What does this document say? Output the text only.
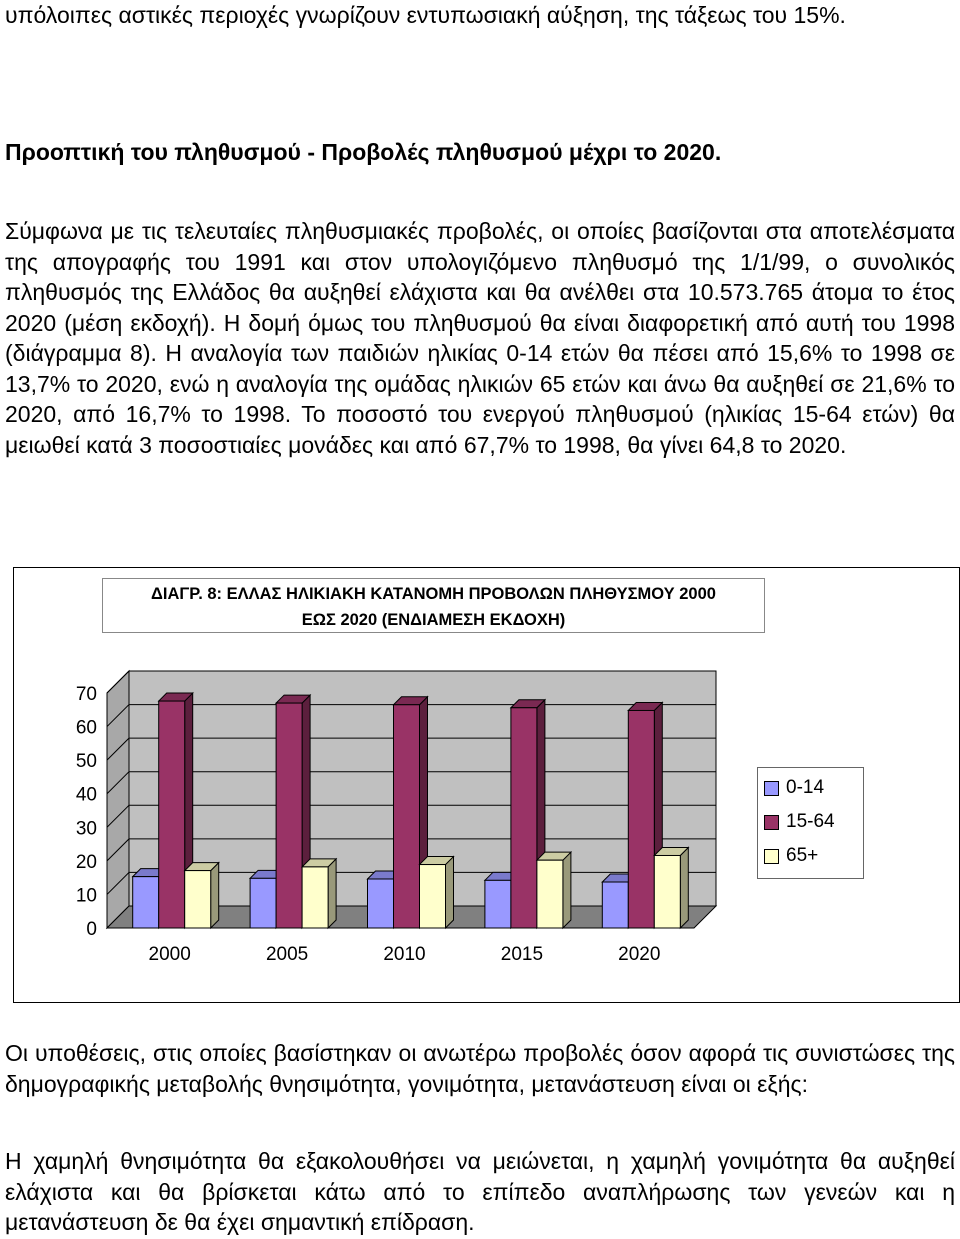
υπόλοιπες αστικές περιοχές γνωρίζουν εντυπωσιακή αύξηση, της τάξεως του 15%.

Προοπτική του πληθυσμού - Προβολές πληθυσμού μέχρι το 2020.

Σύμφωνα με τις τελευταίες πληθυσμιακές προβολές, οι οποίες βασίζονται στα αποτελέσματα της απογραφής του 1991 και στον υπολογιζόμενο πληθυσμό της 1/1/99, ο συνολικός πληθυσμός της Ελλάδος θα αυξηθεί ελάχιστα και θα ανέλθει στα 10.573.765 άτομα το έτος 2020 (μέση εκδοχή). Η δομή όμως του πληθυσμού θα είναι διαφορετική από αυτή του 1998 (διάγραμμα 8). Η αναλογία των παιδιών ηλικίας 0-14 ετών θα πέσει από 15,6% το 1998 σε 13,7% το 2020, ενώ η αναλογία της ομάδας ηλικιών 65 ετών και άνω θα αυξηθεί σε 21,6% το 2020, από 16,7% το 1998. Το ποσοστό του ενεργού πληθυσμού (ηλικίας 15-64 ετών) θα μειωθεί κατά 3 ποσοστιαίες μονάδες και από 67,7% το 1998, θα γίνει 64,8 το 2020.

ΔΙΑΓΡ. 8: ΕΛΛΑΣ ΗΛΙΚΙΑΚΗ ΚΑΤΑΝΟΜΗ ΠΡΟΒΟΛΩΝ ΠΛΗΘΥΣΜΟΥ 2000
ΕΩΣ 2020 (ΕΝΔΙΑΜΕΣΗ ΕΚΔΟΧΗ)
0
10
20
30
40
50
60
70
2000	2005	2010	2015	2020
0-14
15-64
65+

Οι υποθέσεις, στις οποίες βασίστηκαν οι ανωτέρω προβολές όσον αφορά τις συνιστώσες της δημογραφικής μεταβολής θνησιμότητα, γονιμότητα, μετανάστευση είναι οι εξής:

Η χαμηλή θνησιμότητα θα εξακολουθήσει να μειώνεται, η χαμηλή γονιμότητα θα αυξηθεί ελάχιστα και θα βρίσκεται κάτω από το επίπεδο αναπλήρωσης των γενεών και η μετανάστευση δε θα έχει σημαντική επίδραση.
